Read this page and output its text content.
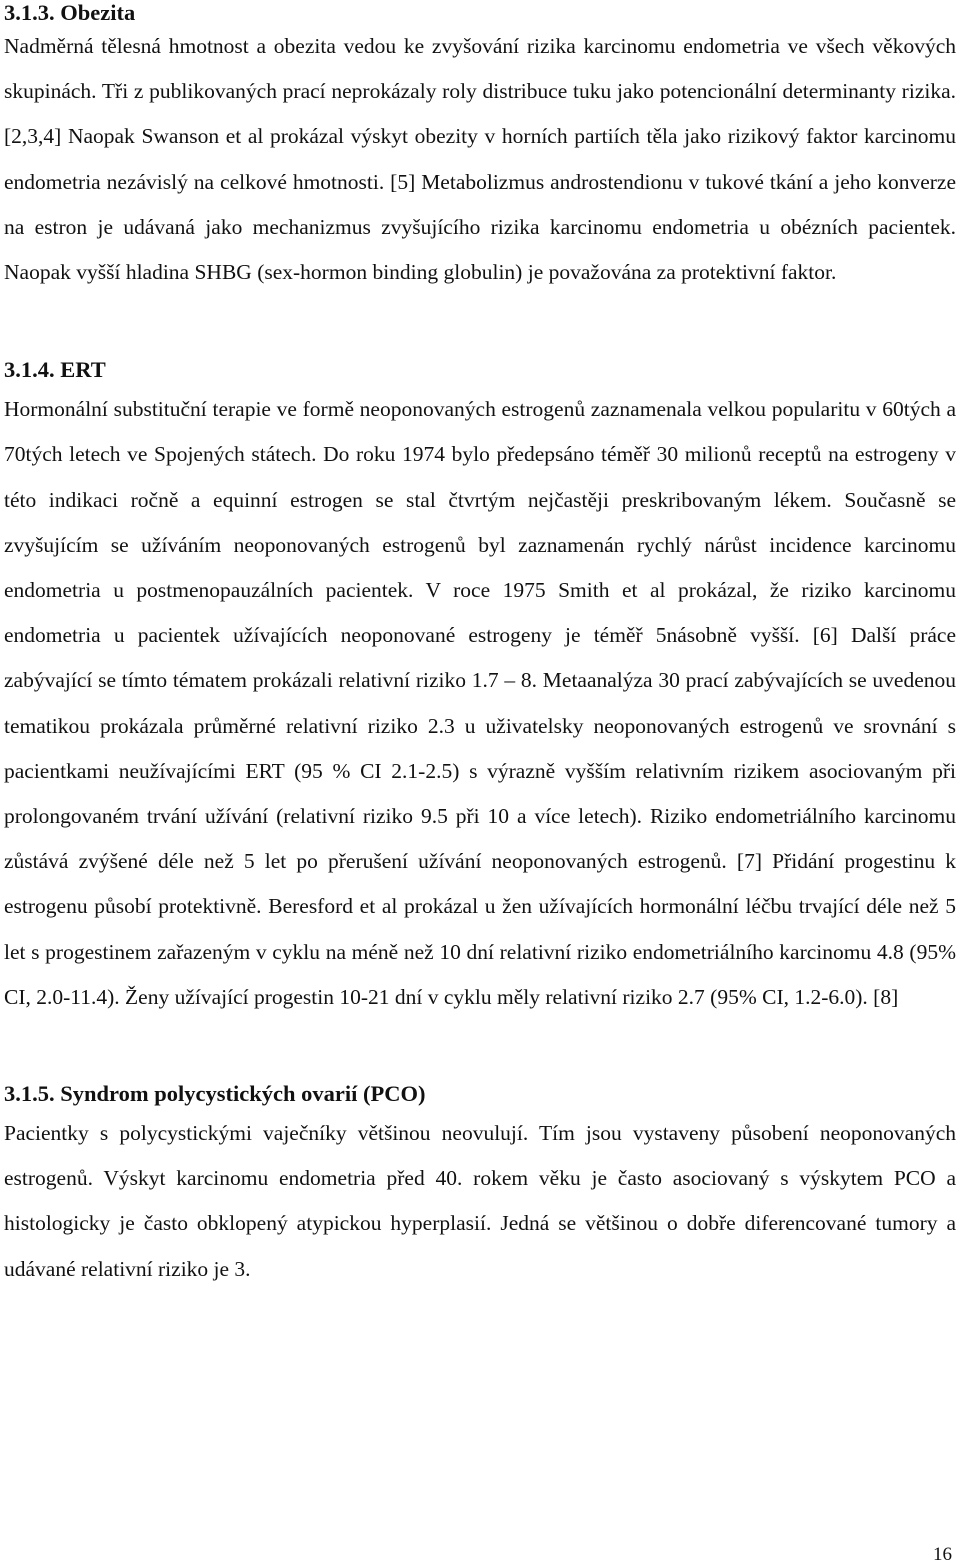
3.1.3. Obezita

Nadměrná tělesná hmotnost a obezita vedou ke zvyšování rizika karcinomu endometria ve všech věkových skupinách. Tři z publikovaných prací neprokázaly roly distribuce tuku jako potencionální determinanty rizika. [2,3,4] Naopak Swanson et al prokázal výskyt obezity v horních partiích těla jako rizikový faktor karcinomu endometria nezávislý na celkové hmotnosti. [5] Metabolizmus androstendionu v tukové tkání a jeho konverze na estron je udávaná jako mechanizmus zvyšujícího rizika karcinomu endometria u obézních pacientek. Naopak vyšší hladina SHBG (sex-hormon binding globulin) je považována za protektivní faktor.

3.1.4. ERT

Hormonální substituční terapie ve formě neoponovaných estrogenů zaznamenala velkou popularitu v 60tých a 70tých letech ve Spojených státech. Do roku 1974 bylo předepsáno téměř 30 milionů receptů na estrogeny v této indikaci ročně a equinní estrogen se stal čtvrtým nejčastěji preskribovaným lékem. Současně se zvyšujícím se užíváním neoponovaných estrogenů byl zaznamenán rychlý nárůst incidence karcinomu endometria u postmenopauzálních pacientek. V roce 1975 Smith et al prokázal, že riziko karcinomu endometria u pacientek užívajících neoponované estrogeny je téměř 5násobně vyšší. [6] Další práce zabývající se tímto tématem prokázali relativní riziko 1.7 – 8. Metaanalýza 30 prací zabývajících se uvedenou tematikou prokázala průměrné relativní riziko 2.3 u uživatelsky neoponovaných estrogenů ve srovnání s pacientkami neužívajícími ERT (95 % CI 2.1-2.5) s výrazně vyšším relativním rizikem asociovaným při prolongovaném trvání užívání (relativní riziko 9.5 při 10 a více letech). Riziko endometriálního karcinomu zůstává zvýšené déle než 5 let po přerušení užívání neoponovaných estrogenů. [7] Přidání progestinu k estrogenu působí protektivně. Beresford et al prokázal u žen užívajících hormonální léčbu trvající déle než 5 let s progestinem zařazeným v cyklu na méně než 10 dní relativní riziko endometriálního karcinomu 4.8 (95% CI, 2.0-11.4). Ženy užívající progestin 10-21 dní v cyklu měly relativní riziko 2.7 (95% CI, 1.2-6.0). [8]

3.1.5. Syndrom polycystických ovarií (PCO)

Pacientky s polycystickými vaječníky většinou neovulují. Tím jsou vystaveny působení neoponovaných estrogenů. Výskyt karcinomu endometria před 40. rokem věku je často asociovaný s výskytem PCO a histologicky je často obklopený atypickou hyperplasií. Jedná se většinou o dobře diferencované tumory a udávané relativní riziko je 3.

16
